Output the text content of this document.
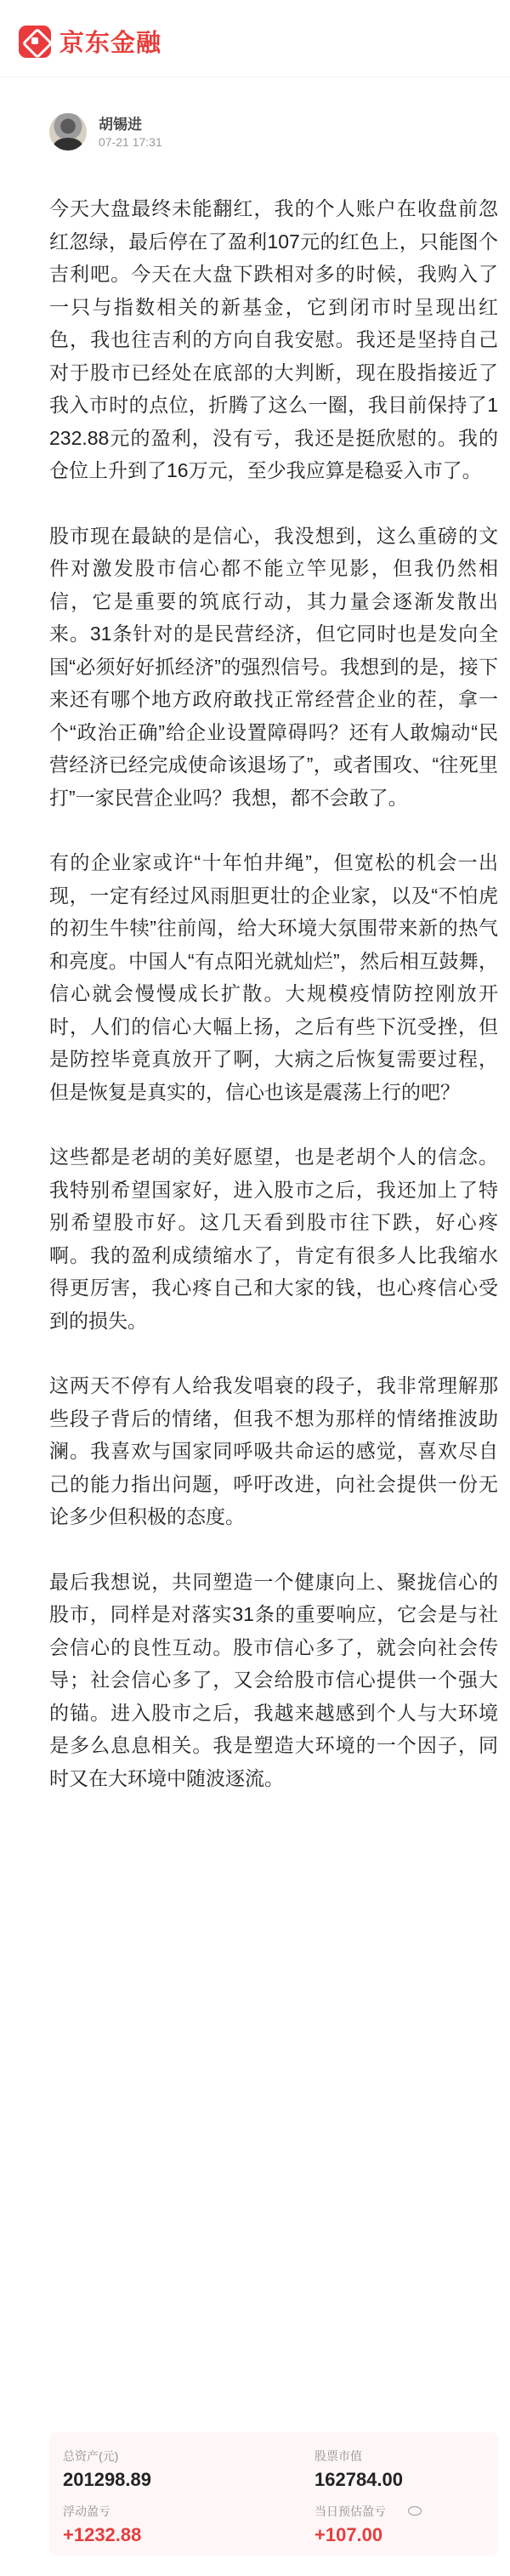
京东金融
胡锡进
07-21 17:31

今天大盘最终未能翻红，我的个人账户在收盘前忽红忽绿，最后停在了盈利107元的红色上，只能图个吉利吧。今天在大盘下跌相对多的时候，我购入了一只与指数相关的新基金，它到闭市时呈现出红色，我也往吉利的方向自我安慰。我还是坚持自己对于股市已经处在底部的大判断，现在股指接近了我入市时的点位，折腾了这么一圈，我目前保持了1232.88元的盈利，没有亏，我还是挺欣慰的。我的仓位上升到了16万元，至少我应算是稳妥入市了。

股市现在最缺的是信心，我没想到，这么重磅的文件对激发股市信心都不能立竿见影，但我仍然相信，它是重要的筑底行动，其力量会逐渐发散出来。31条针对的是民营经济，但它同时也是发向全国“必须好好抓经济”的强烈信号。我想到的是，接下来还有哪个地方政府敢找正常经营企业的茬，拿一个“政治正确”给企业设置障碍吗？还有人敢煽动“民营经济已经完成使命该退场了”，或者围攻、“往死里打”一家民营企业吗？我想，都不会敢了。

有的企业家或许“十年怕井绳”，但宽松的机会一出现，一定有经过风雨胆更壮的企业家，以及“不怕虎的初生牛犊”往前闯，给大环境大氛围带来新的热气和亮度。中国人“有点阳光就灿烂”，然后相互鼓舞，信心就会慢慢成长扩散。大规模疫情防控刚放开时，人们的信心大幅上扬，之后有些下沉受挫，但是防控毕竟真放开了啊，大病之后恢复需要过程，但是恢复是真实的，信心也该是震荡上行的吧？

这些都是老胡的美好愿望，也是老胡个人的信念。我特别希望国家好，进入股市之后，我还加上了特别希望股市好。这几天看到股市往下跌，好心疼啊。我的盈利成绩缩水了，肯定有很多人比我缩水得更厉害，我心疼自己和大家的钱，也心疼信心受到的损失。

这两天不停有人给我发唱衰的段子，我非常理解那些段子背后的情绪，但我不想为那样的情绪推波助澜。我喜欢与国家同呼吸共命运的感觉，喜欢尽自己的能力指出问题，呼吁改进，向社会提供一份无论多少但积极的态度。

最后我想说，共同塑造一个健康向上、聚拢信心的股市，同样是对落实31条的重要响应，它会是与社会信心的良性互动。股市信心多了，就会向社会传导；社会信心多了，又会给股市信心提供一个强大的锚。进入股市之后，我越来越感到个人与大环境是多么息息相关。我是塑造大环境的一个因子，同时又在大环境中随波逐流。

总资产(元)
201298.89
股票市值
162784.00
浮动盈亏
+1232.88
当日预估盈亏
+107.00
